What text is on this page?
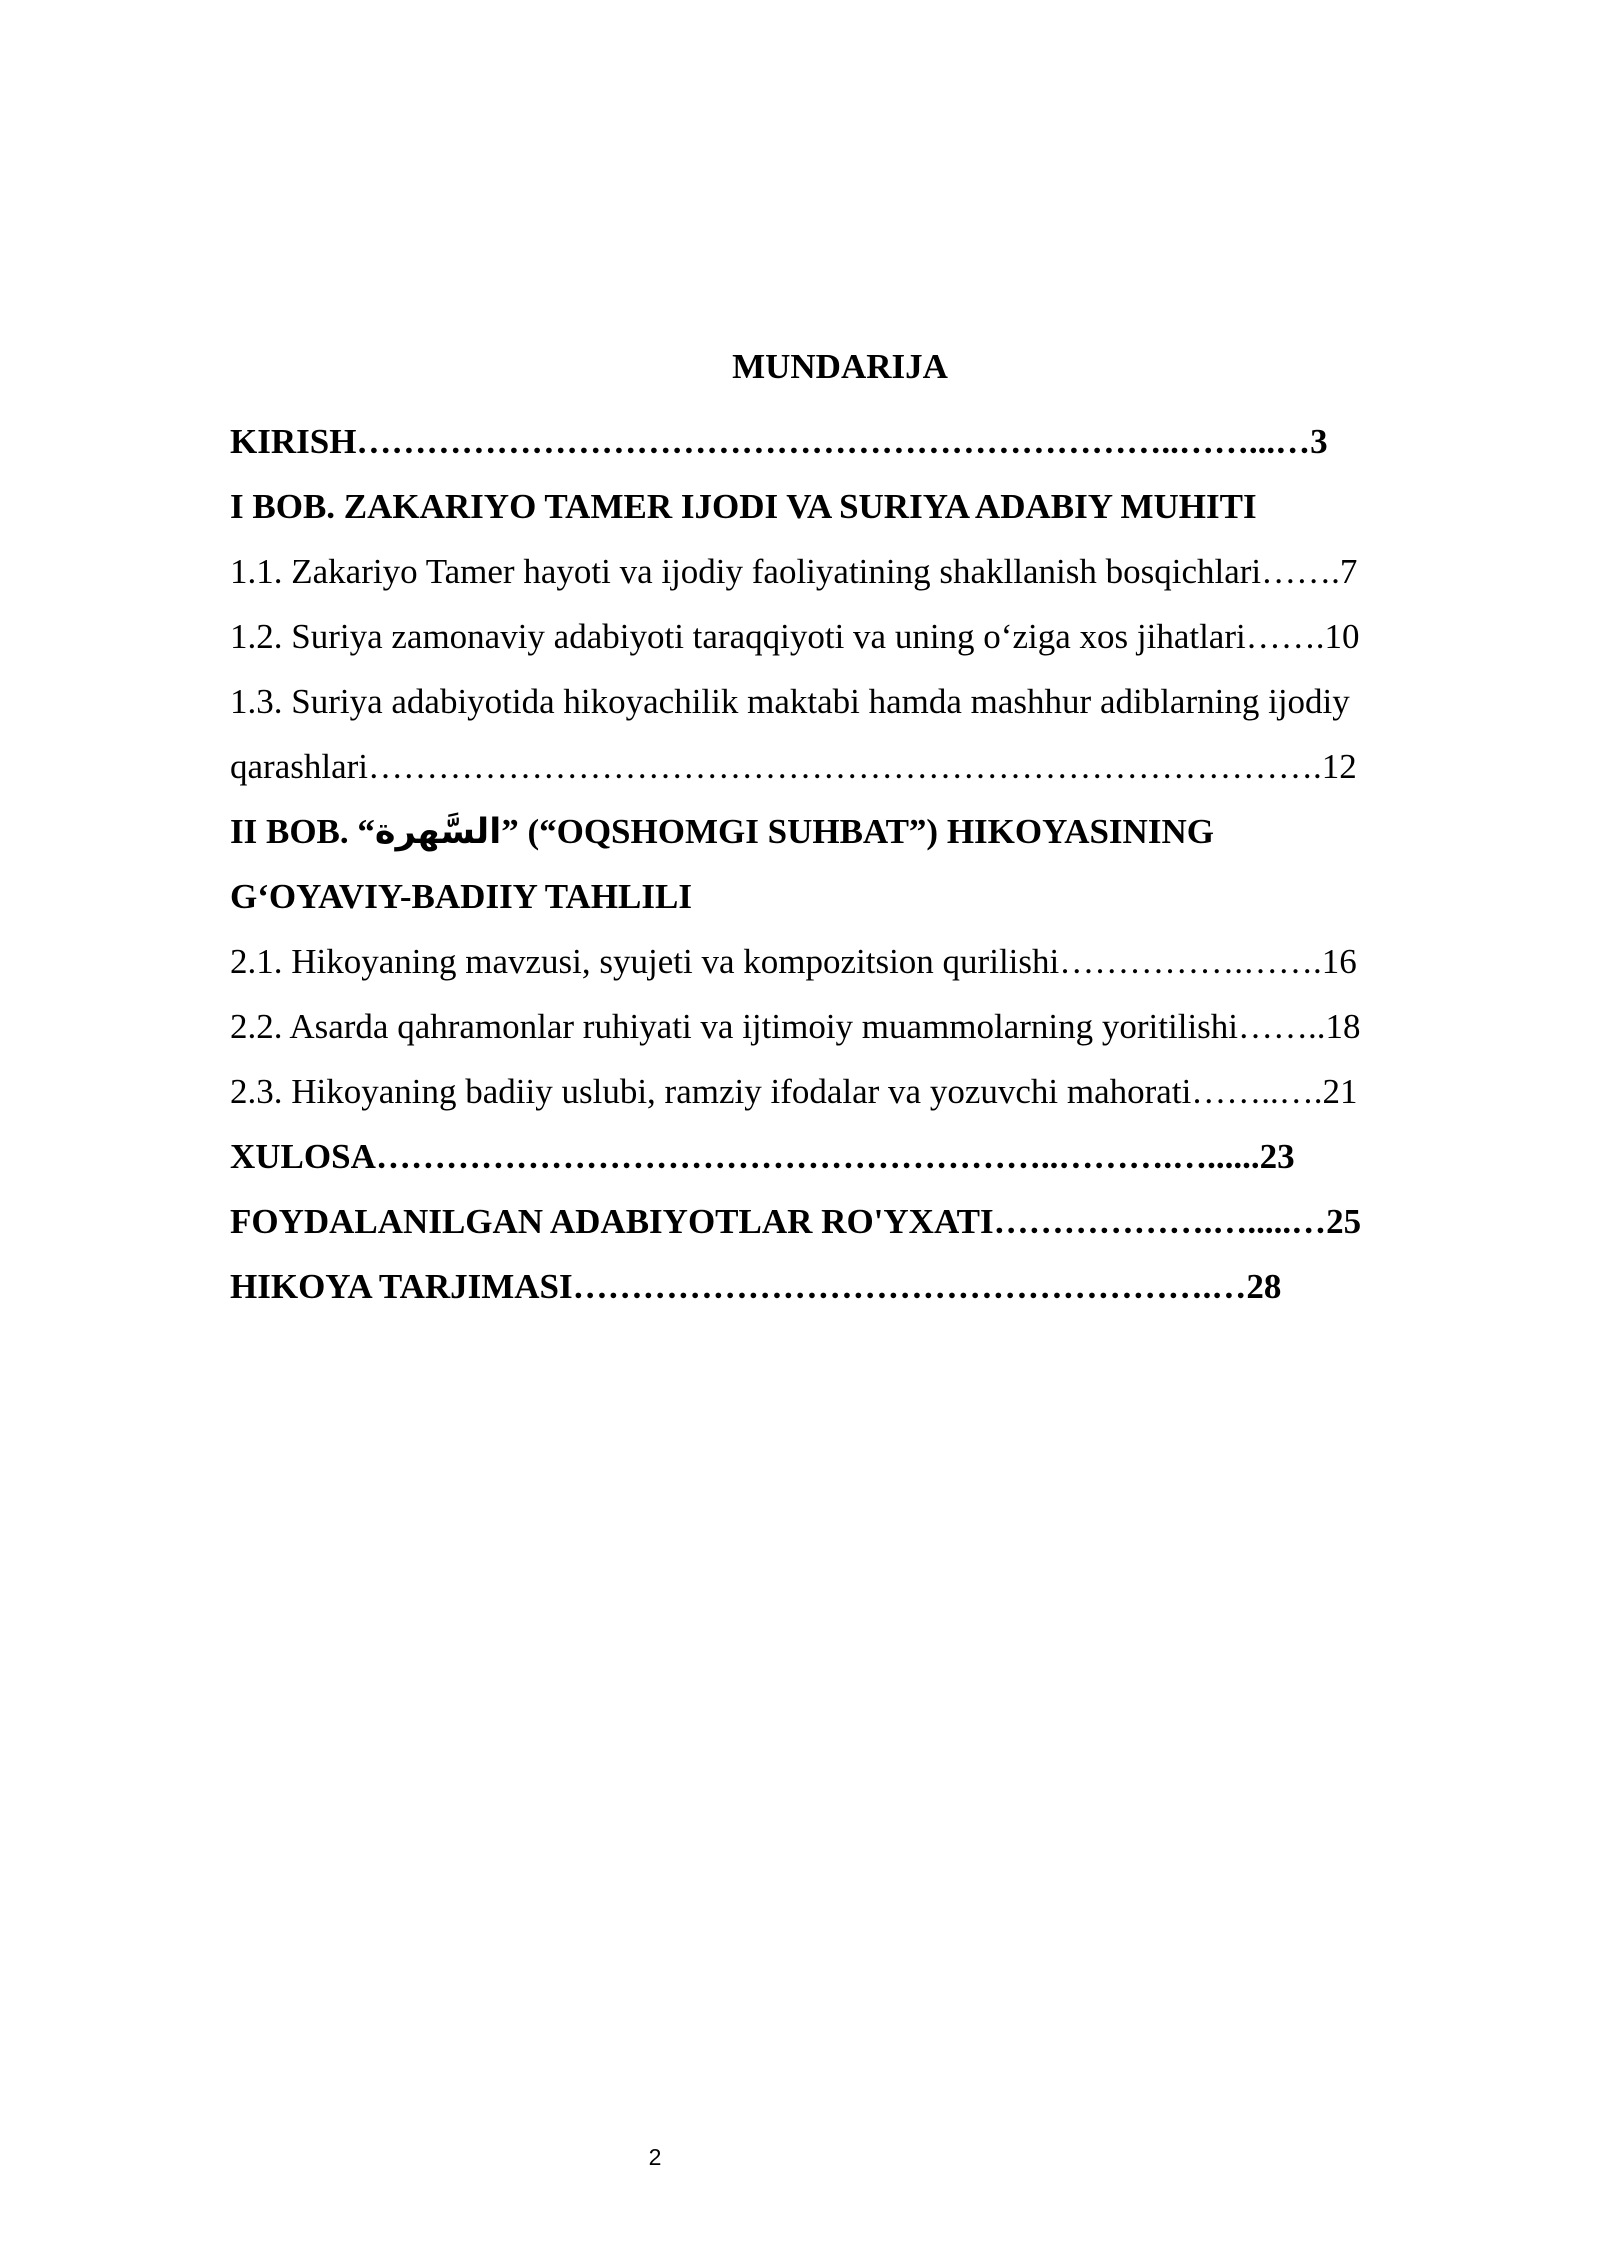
MUNDARIJA
KIRISH……………………………………………………………..……...…3
I BOB. ZAKARIYO TAMER IJODI VA SURIYA ADABIY MUHITI
1.1. Zakariyo Tamer hayoti va ijodiy faoliyatining shakllanish bosqichlari…….7
1.2. Suriya zamonaviy adabiyoti taraqqiyoti va uning o‘ziga xos jihatlari…….10
1.3. Suriya adabiyotida hikoyachilik maktabi hamda mashhur adiblarning ijodiy
qarashlari……………………………………………………………………….12
II BOB. “السَّهرة” (“OQSHOMGI SUHBAT”) HIKOYASINING
G‘OYAVIY-BADIIY TAHLILI
2.1. Hikoyaning mavzusi, syujeti va kompozitsion qurilishi…………….…….16
2.2. Asarda qahramonlar ruhiyati va ijtimoiy muammolarning yoritilishi……..18
2.3. Hikoyaning badiiy uslubi, ramziy ifodalar va yozuvchi mahorati……..….21
XULOSA…………………………………………………..……….…......23
FOYDALANILGAN ADABIYOTLAR RO'YXATI……………….….....…25
HIKOYA TARJIMASI……………………………………………….…28
2
